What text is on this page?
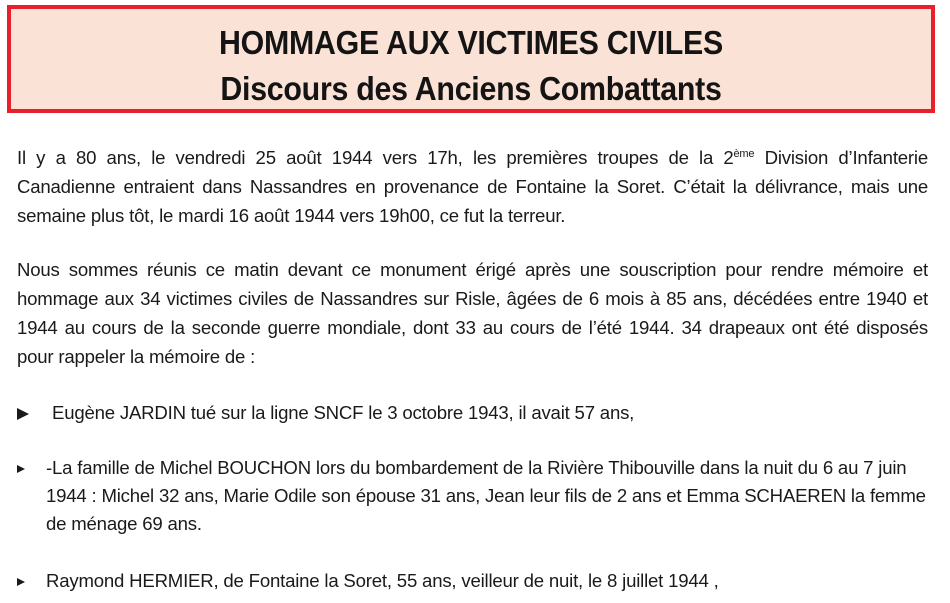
HOMMAGE AUX VICTIMES CIVILES
Discours des Anciens Combattants
Il y a 80 ans, le vendredi 25 août 1944 vers 17h, les premières troupes de la 2ème Division d’Infanterie Canadienne entraient dans Nassandres en provenance de Fontaine la Soret. C’était la délivrance, mais une semaine plus tôt, le mardi 16 août 1944 vers 19h00, ce fut la terreur.
Nous sommes réunis ce matin devant ce monument érigé après une souscription pour rendre mémoire et hommage aux 34 victimes civiles de Nassandres sur Risle, âgées de 6 mois à 85 ans, décédées entre 1940 et 1944 au cours de la seconde guerre mondiale, dont 33 au cours de l’été 1944. 34 drapeaux ont été disposés pour rappeler la mémoire de :
Eugène JARDIN tué sur la ligne SNCF le 3 octobre 1943, il avait 57 ans,
-La famille de Michel BOUCHON lors du bombardement de la Rivière Thibouville dans la nuit du 6 au 7 juin 1944 : Michel 32 ans, Marie Odile son épouse 31 ans, Jean leur fils de 2 ans et Emma SCHAEREN la femme de ménage 69 ans.
Raymond HERMIER, de Fontaine la Soret, 55 ans, veilleur de nuit, le 8 juillet 1944 ,
